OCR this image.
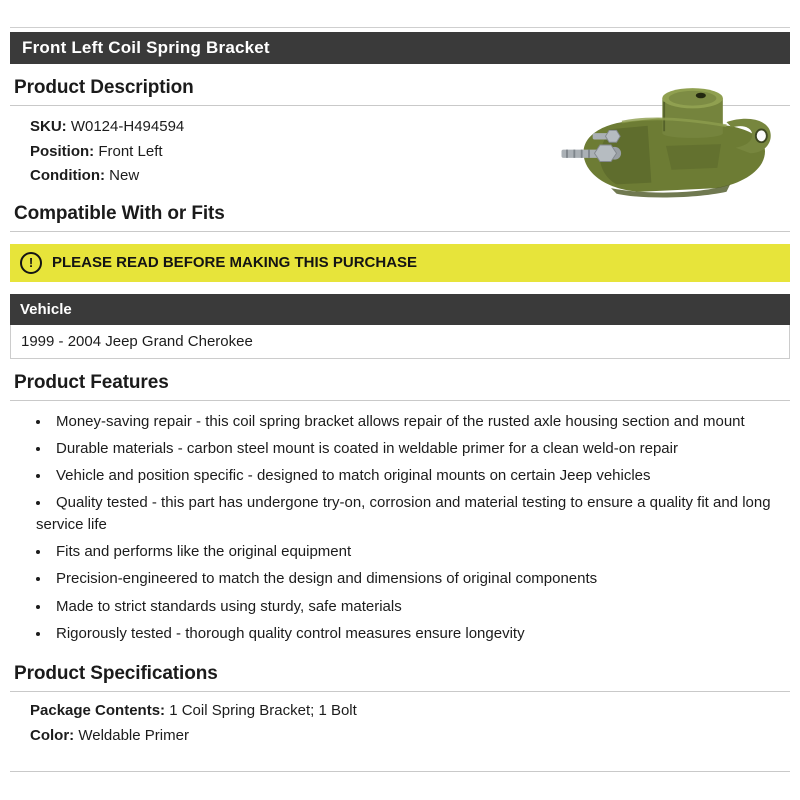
Front Left Coil Spring Bracket
Product Description
SKU: W0124-H494594
Position: Front Left
Condition: New
Compatible With or Fits
!	PLEASE READ BEFORE MAKING THIS PURCHASE
Vehicle
1999 - 2004 Jeep Grand Cherokee
Product Features
• Money-saving repair - this coil spring bracket allows repair of the rusted axle housing section and mount
• Durable materials - carbon steel mount is coated in weldable primer for a clean weld-on repair
• Vehicle and position specific - designed to match original mounts on certain Jeep vehicles
• Quality tested - this part has undergone try-on, corrosion and material testing to ensure a quality fit and long service life
• Fits and performs like the original equipment
• Precision-engineered to match the design and dimensions of original components
• Made to strict standards using sturdy, safe materials
• Rigorously tested - thorough quality control measures ensure longevity
Product Specifications
Package Contents: 1 Coil Spring Bracket; 1 Bolt
Color: Weldable Primer
